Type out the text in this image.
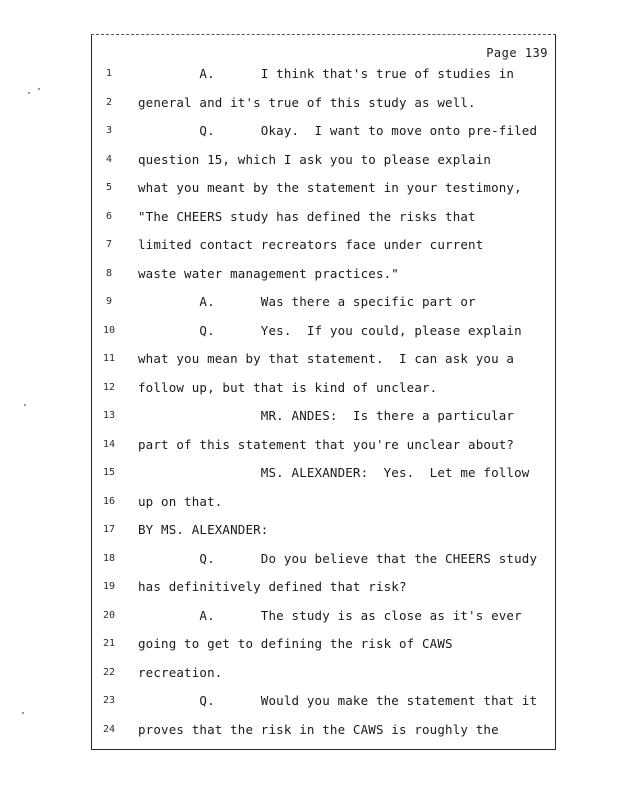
Page 139
1	A.      I think that's true of studies in
2	general and it's true of this study as well.
3	Q.      Okay.  I want to move onto pre-filed
4	question 15, which I ask you to please explain
5	what you meant by the statement in your testimony,
6	"The CHEERS study has defined the risks that
7	limited contact recreators face under current
8	waste water management practices."
9	A.      Was there a specific part or
10 Q.      Yes.  If you could, please explain
11 what you mean by that statement.  I can ask you a
12 follow up, but that is kind of unclear.
13 MR. ANDES:  Is there a particular
14 part of this statement that you're unclear about?
15 MS. ALEXANDER:  Yes.  Let me follow
16 up on that.
17 BY MS. ALEXANDER:
18 Q.      Do you believe that the CHEERS study
19 has definitively defined that risk?
20 A.      The study is as close as it's ever
21 going to get to defining the risk of CAWS
22 recreation.
23 Q.      Would you make the statement that it
24 proves that the risk in the CAWS is roughly the
